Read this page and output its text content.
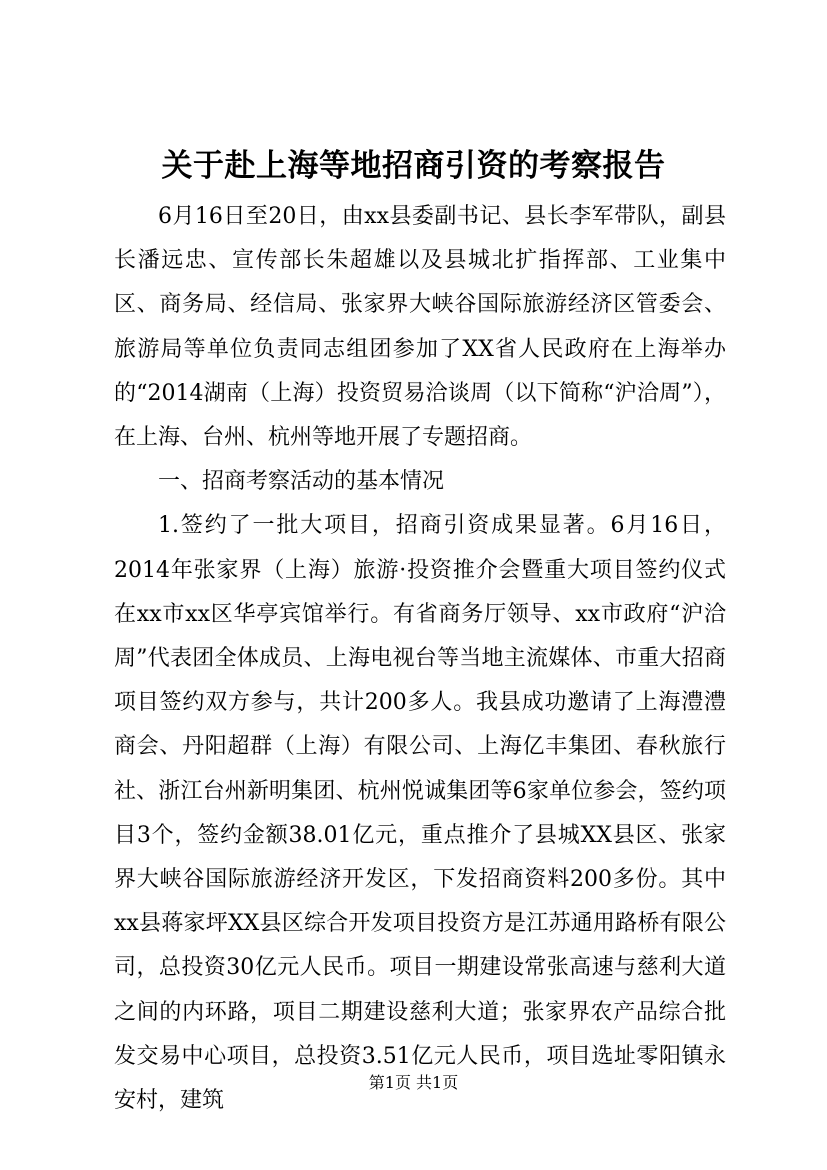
关于赴上海等地招商引资的考察报告

6月16日至20日，由xx县委副书记、县长李军带队，副县长潘远忠、宣传部长朱超雄以及县城北扩指挥部、工业集中区、商务局、经信局、张家界大峡谷国际旅游经济区管委会、旅游局等单位负责同志组团参加了XX省人民政府在上海举办的“2014湖南（上海）投资贸易洽谈周（以下简称“沪洽周”），在上海、台州、杭州等地开展了专题招商。

一、招商考察活动的基本情况

1.签约了一批大项目，招商引资成果显著。6月16日，2014年张家界（上海）旅游·投资推介会暨重大项目签约仪式在xx市xx区华亭宾馆举行。有省商务厅领导、xx市政府“沪洽周”代表团全体成员、上海电视台等当地主流媒体、市重大招商项目签约双方参与，共计200多人。我县成功邀请了上海澧澧商会、丹阳超群（上海）有限公司、上海亿丰集团、春秋旅行社、浙江台州新明集团、杭州悦诚集团等6家单位参会，签约项目3个，签约金额38.01亿元，重点推介了县城XX县区、张家界大峡谷国际旅游经济开发区，下发招商资料200多份。其中xx县蒋家坪XX县区综合开发项目投资方是江苏通用路桥有限公司，总投资30亿元人民币。项目一期建设常张高速与慈利大道之间的内环路，项目二期建设慈利大道；张家界农产品综合批发交易中心项目，总投资3.51亿元人民币，项目选址零阳镇永安村，建筑

第1页 共1页
